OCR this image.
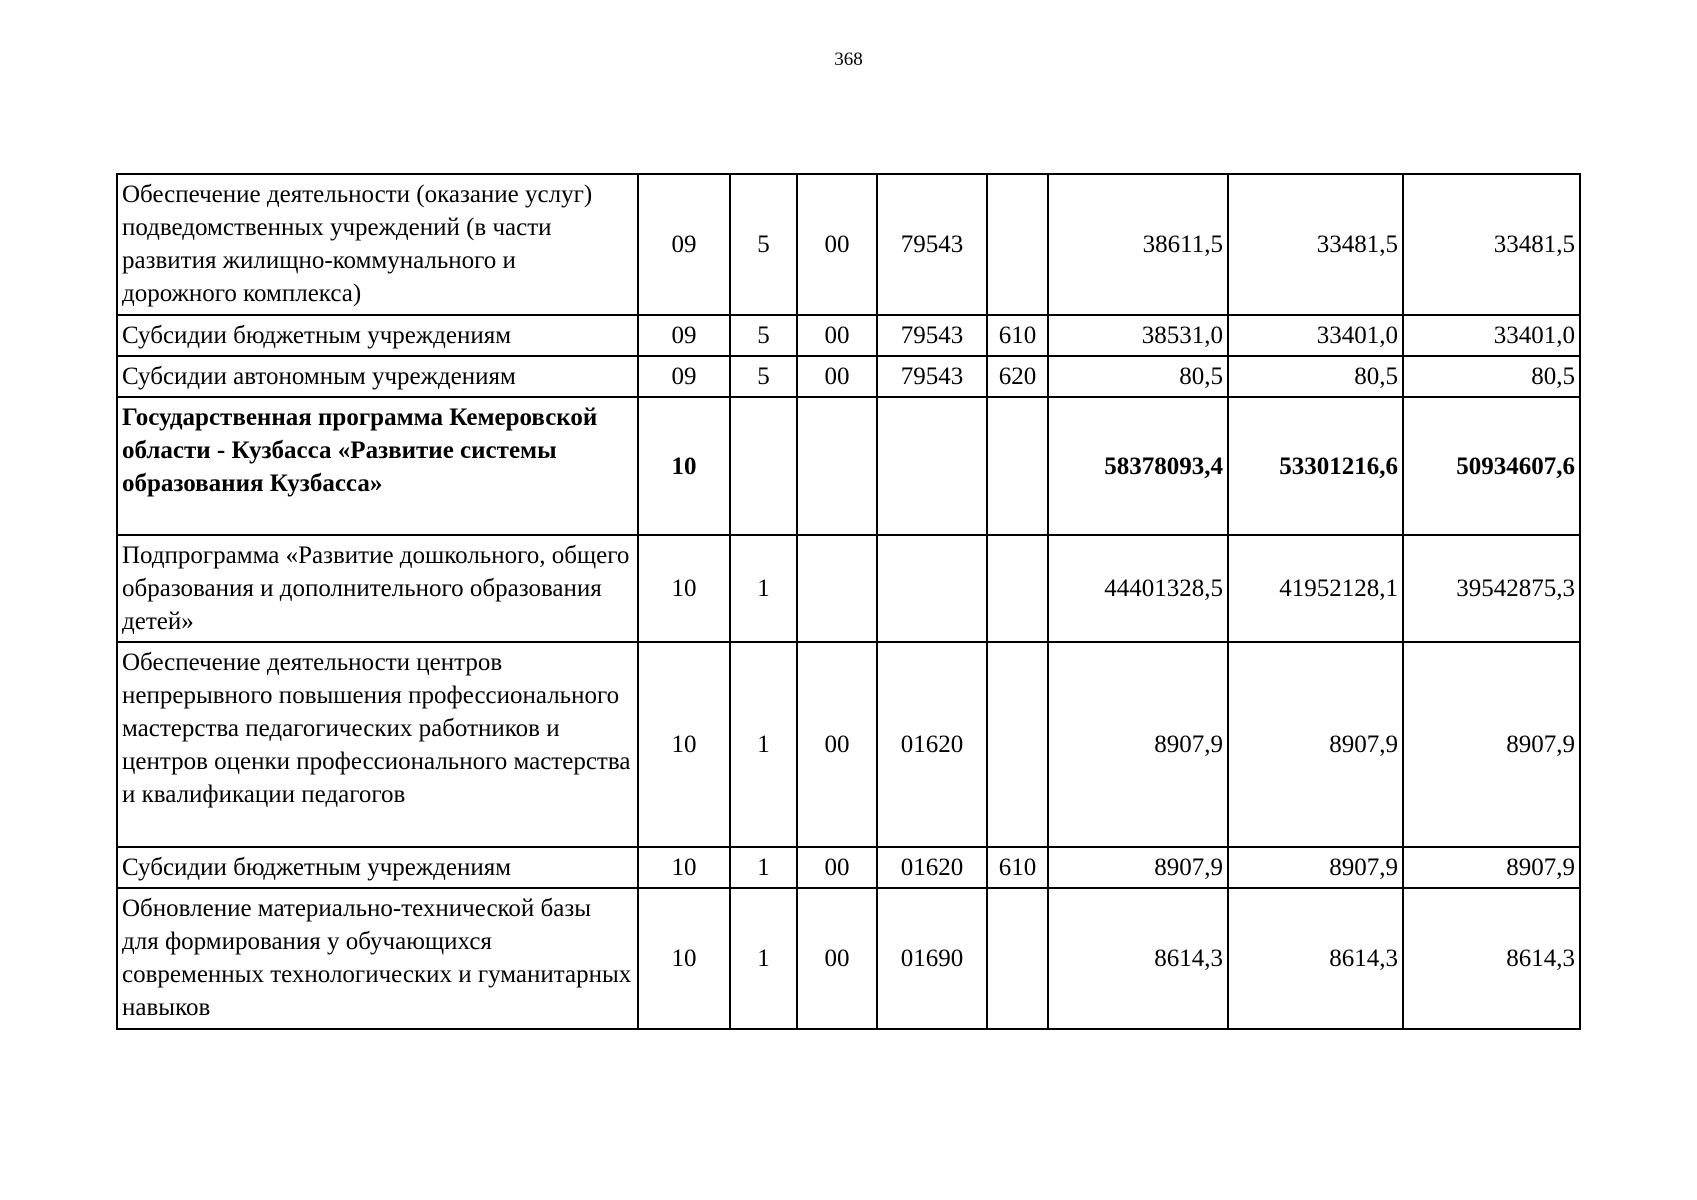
368
Обеспечение деятельности (оказание услуг) подведомственных учреждений (в части развития жилищно-коммунального и дорожного комплекса)	09	5	00	79543		38611,5	33481,5	33481,5
Субсидии бюджетным учреждениям	09	5	00	79543	610	38531,0	33401,0	33401,0
Субсидии автономным учреждениям	09	5	00	79543	620	80,5	80,5	80,5
Государственная программа Кемеровской области - Кузбасса «Развитие системы образования Кузбасса»	10					58378093,4	53301216,6	50934607,6
Подпрограмма «Развитие дошкольного, общего образования и дополнительного образования детей»	10	1				44401328,5	41952128,1	39542875,3
Обеспечение деятельности центров непрерывного повышения профессионального мастерства педагогических работников и центров оценки профессионального мастерства и квалификации педагогов	10	1	00	01620		8907,9	8907,9	8907,9
Субсидии бюджетным учреждениям	10	1	00	01620	610	8907,9	8907,9	8907,9
Обновление материально-технической базы для формирования у обучающихся современных технологических и гуманитарных навыков	10	1	00	01690		8614,3	8614,3	8614,3
